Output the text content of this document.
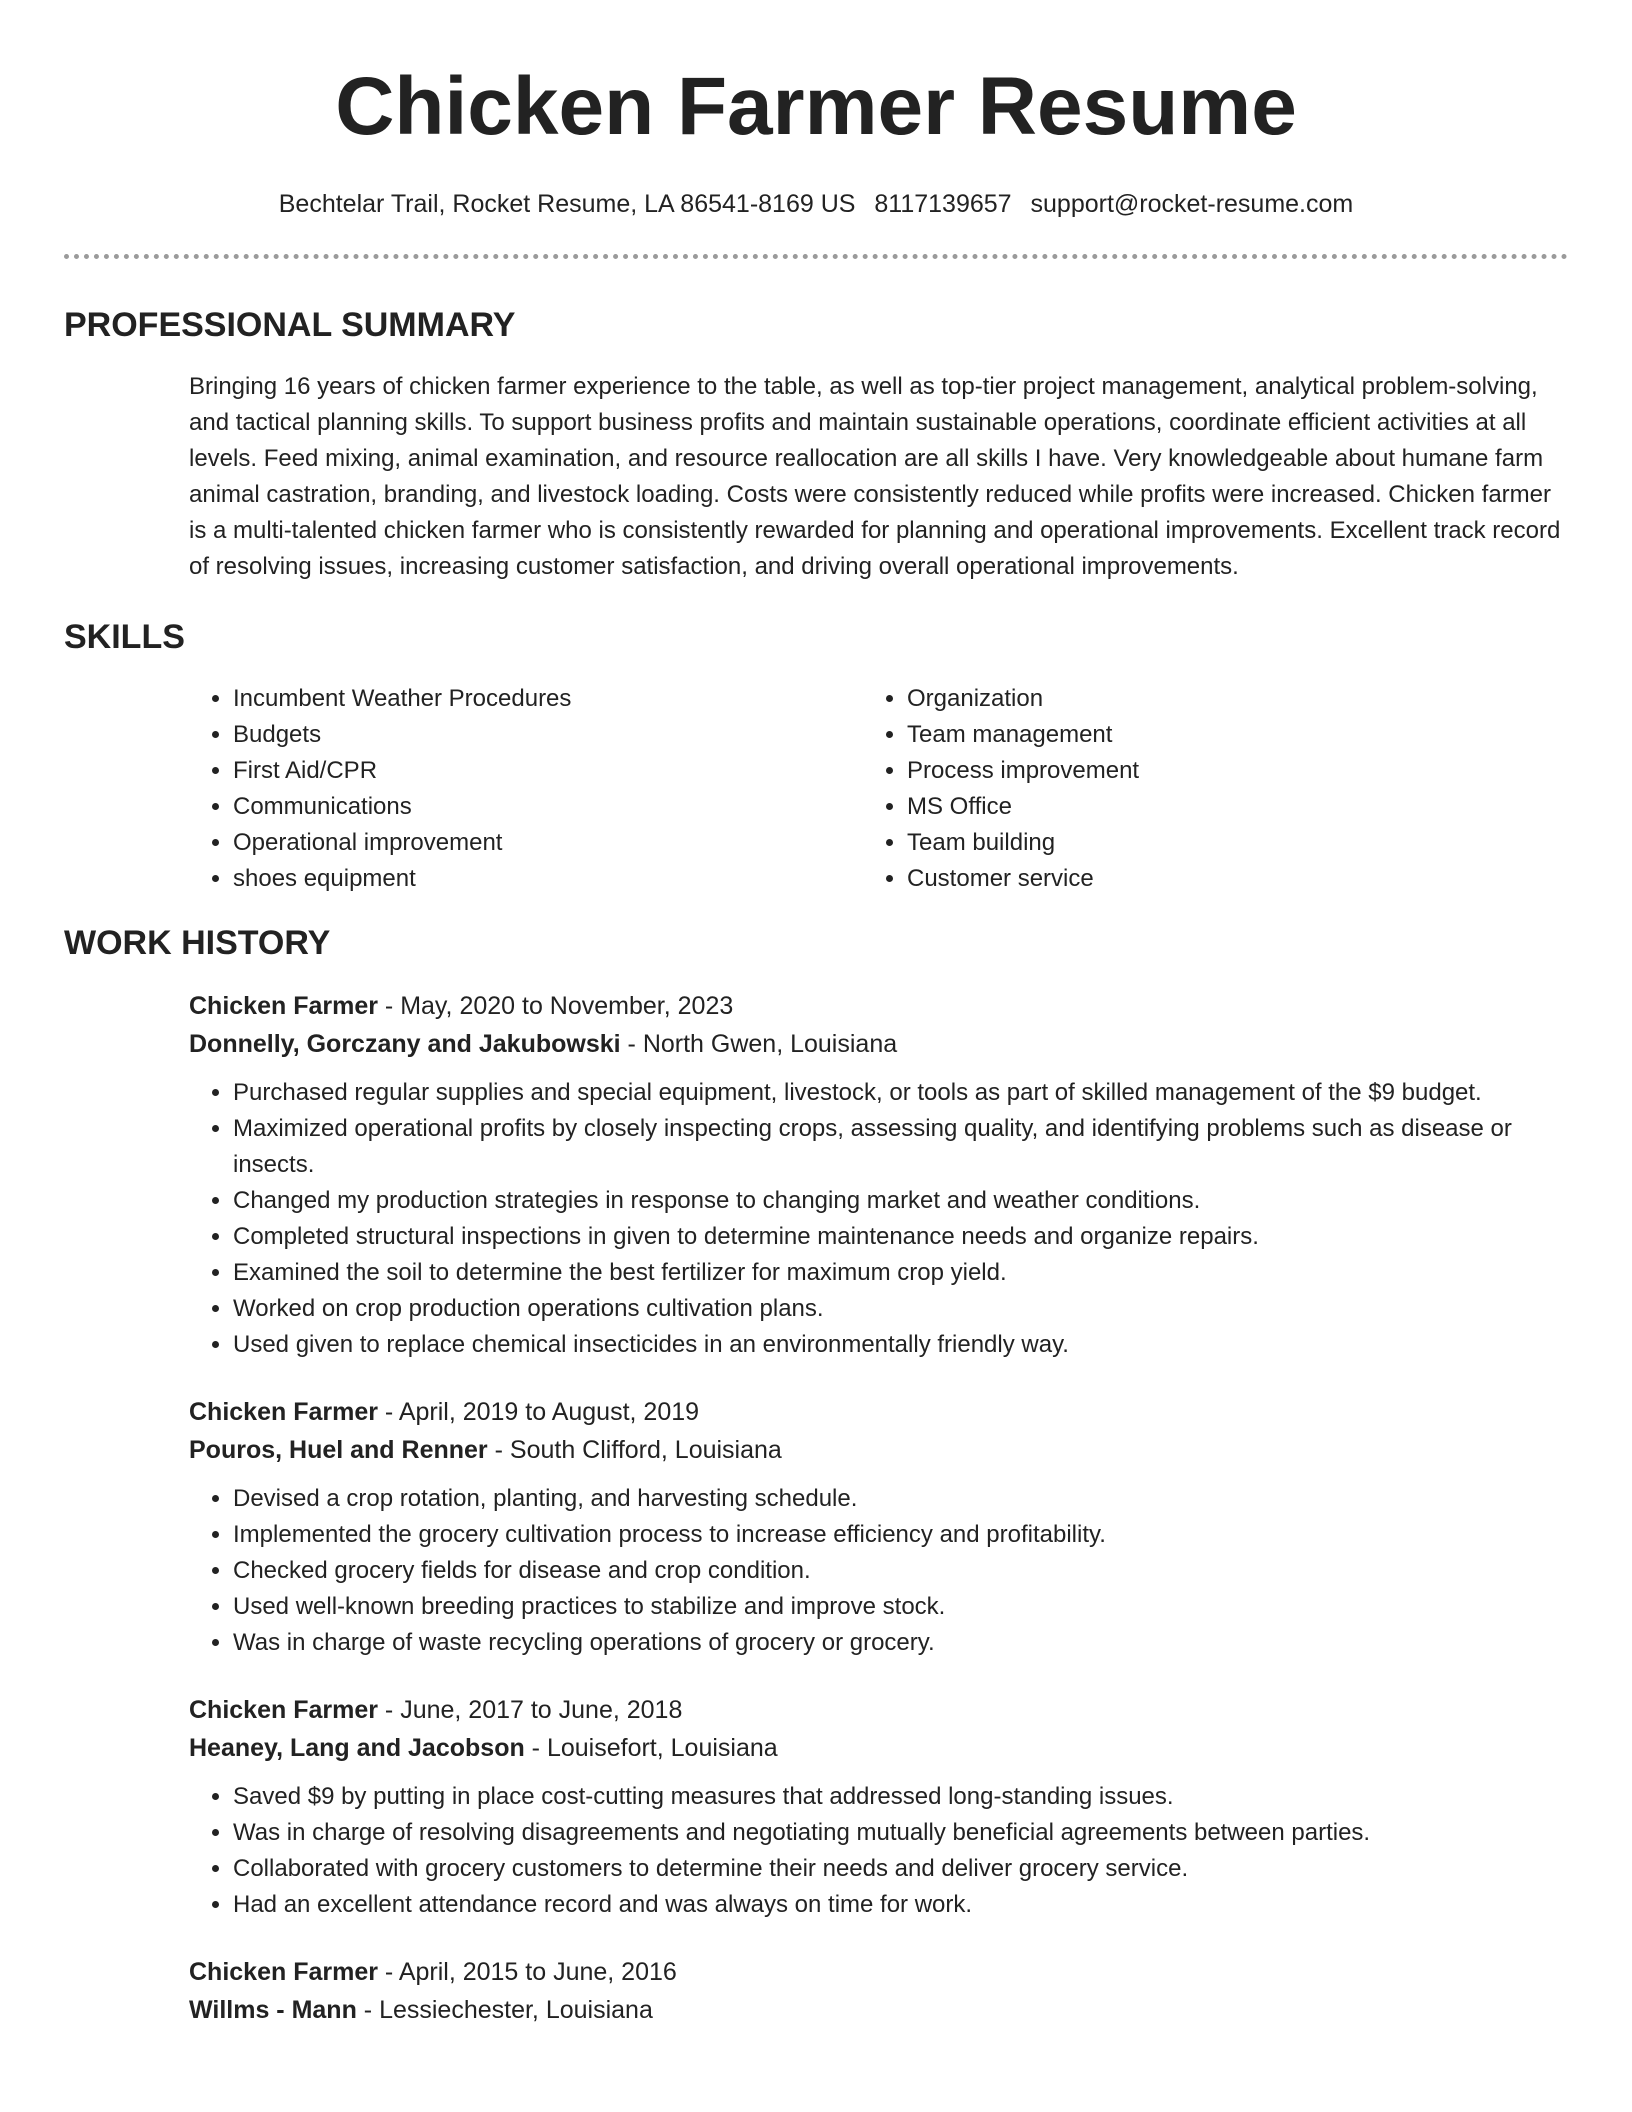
Chicken Farmer Resume
Bechtelar Trail, Rocket Resume, LA 86541-8169 US 8117139657 support@rocket-resume.com
PROFESSIONAL SUMMARY
Bringing 16 years of chicken farmer experience to the table, as well as top-tier project management, analytical problem-solving, and tactical planning skills. To support business profits and maintain sustainable operations, coordinate efficient activities at all levels. Feed mixing, animal examination, and resource reallocation are all skills I have. Very knowledgeable about humane farm animal castration, branding, and livestock loading. Costs were consistently reduced while profits were increased. Chicken farmer is a multi-talented chicken farmer who is consistently rewarded for planning and operational improvements. Excellent track record of resolving issues, increasing customer satisfaction, and driving overall operational improvements.
SKILLS
• Incumbent Weather Procedures
• Budgets
• First Aid/CPR
• Communications
• Operational improvement
• shoes equipment
• Organization
• Team management
• Process improvement
• MS Office
• Team building
• Customer service
WORK HISTORY
Chicken Farmer - May, 2020 to November, 2023
Donnelly, Gorczany and Jakubowski - North Gwen, Louisiana
• Purchased regular supplies and special equipment, livestock, or tools as part of skilled management of the $9 budget.
• Maximized operational profits by closely inspecting crops, assessing quality, and identifying problems such as disease or insects.
• Changed my production strategies in response to changing market and weather conditions.
• Completed structural inspections in given to determine maintenance needs and organize repairs.
• Examined the soil to determine the best fertilizer for maximum crop yield.
• Worked on crop production operations cultivation plans.
• Used given to replace chemical insecticides in an environmentally friendly way.
Chicken Farmer - April, 2019 to August, 2019
Pouros, Huel and Renner - South Clifford, Louisiana
• Devised a crop rotation, planting, and harvesting schedule.
• Implemented the grocery cultivation process to increase efficiency and profitability.
• Checked grocery fields for disease and crop condition.
• Used well-known breeding practices to stabilize and improve stock.
• Was in charge of waste recycling operations of grocery or grocery.
Chicken Farmer - June, 2017 to June, 2018
Heaney, Lang and Jacobson - Louisefort, Louisiana
• Saved $9 by putting in place cost-cutting measures that addressed long-standing issues.
• Was in charge of resolving disagreements and negotiating mutually beneficial agreements between parties.
• Collaborated with grocery customers to determine their needs and deliver grocery service.
• Had an excellent attendance record and was always on time for work.
Chicken Farmer - April, 2015 to June, 2016
Willms - Mann - Lessiechester, Louisiana
